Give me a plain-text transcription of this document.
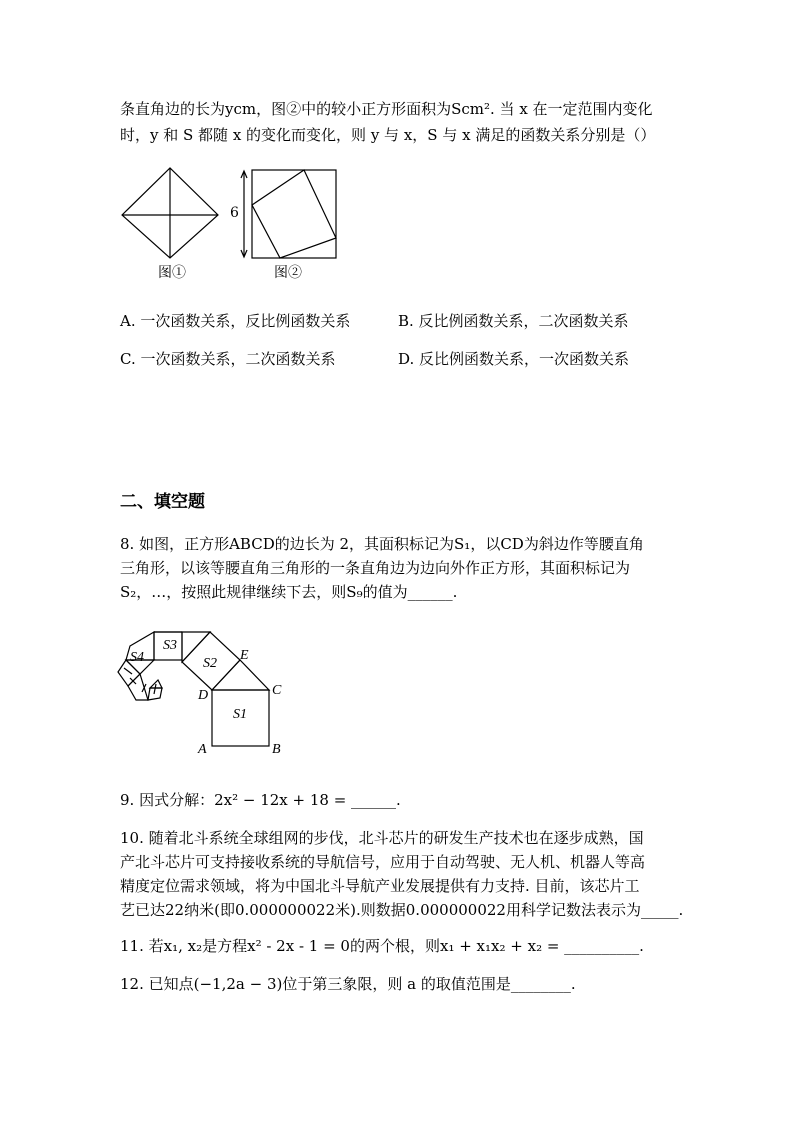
条直角边的长为ycm，图②中的较小正方形面积为Scm². 当 x 在一定范围内变化
时，y 和 S 都随 x 的变化而变化，则 y 与 x，S 与 x 满足的函数关系分别是（）
图①	图②
6
A. 一次函数关系，反比例函数关系	B. 反比例函数关系，二次函数关系
C. 一次函数关系，二次函数关系	D. 反比例函数关系，一次函数关系
二、填空题
8. 如图，正方形ABCD的边长为 2，其面积标记为S₁，以CD为斜边作等腰直角
三角形，以该等腰直角三角形的一条直角边为边向外作正方形，其面积标记为
S₂，…，按照此规律继续下去，则S₉的值为______.
S1
S2
S3
S4
A	B
C
D
E
9. 因式分解：2x² − 12x + 18 = ______.
10. 随着北斗系统全球组网的步伐，北斗芯片的研发生产技术也在逐步成熟，国
产北斗芯片可支持接收系统的导航信号，应用于自动驾驶、无人机、机器人等高
精度定位需求领域，将为中国北斗导航产业发展提供有力支持. 目前，该芯片工
艺已达22纳米(即0.000000022米).则数据0.000000022用科学记数法表示为_____.
11. 若x₁, x₂是方程x² - 2x - 1 = 0的两个根，则x₁ + x₁x₂ + x₂ = __________.
12. 已知点(−1,2a − 3)位于第三象限，则 a 的取值范围是________.
